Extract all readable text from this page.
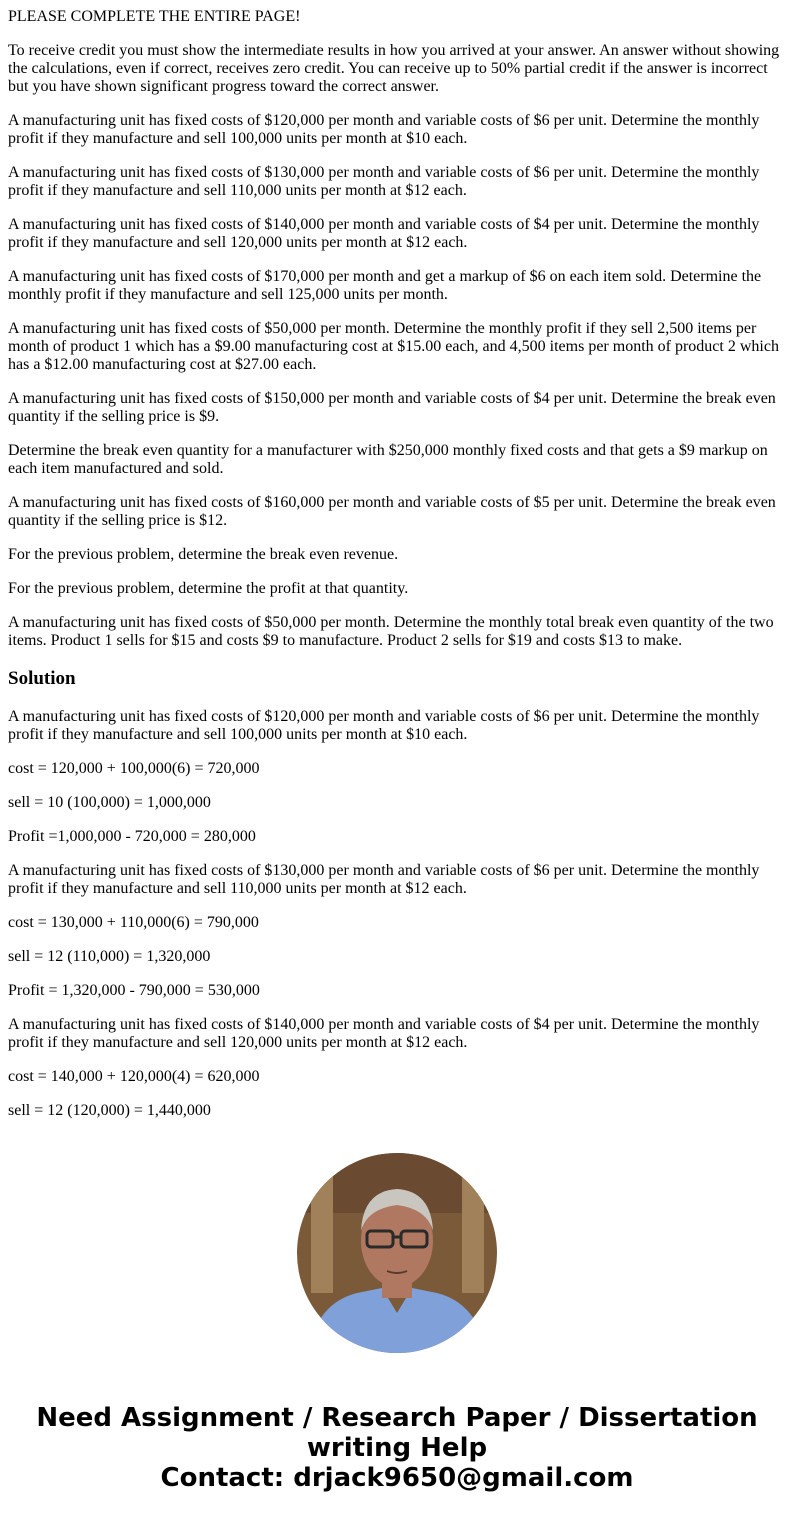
PLEASE COMPLETE THE ENTIRE PAGE!

To receive credit you must show the intermediate results in how you arrived at your answer. An answer without showing the calculations, even if correct, receives zero credit. You can receive up to 50% partial credit if the answer is incorrect but you have shown significant progress toward the correct answer.

A manufacturing unit has fixed costs of $120,000 per month and variable costs of $6 per unit. Determine the monthly profit if they manufacture and sell 100,000 units per month at $10 each.

A manufacturing unit has fixed costs of $130,000 per month and variable costs of $6 per unit. Determine the monthly profit if they manufacture and sell 110,000 units per month at $12 each.

A manufacturing unit has fixed costs of $140,000 per month and variable costs of $4 per unit. Determine the monthly profit if they manufacture and sell 120,000 units per month at $12 each.

A manufacturing unit has fixed costs of $170,000 per month and get a markup of $6 on each item sold. Determine the monthly profit if they manufacture and sell 125,000 units per month.

A manufacturing unit has fixed costs of $50,000 per month. Determine the monthly profit if they sell 2,500 items per month of product 1 which has a $9.00 manufacturing cost at $15.00 each, and 4,500 items per month of product 2 which has a $12.00 manufacturing cost at $27.00 each.

A manufacturing unit has fixed costs of $150,000 per month and variable costs of $4 per unit. Determine the break even quantity if the selling price is $9.

Determine the break even quantity for a manufacturer with $250,000 monthly fixed costs and that gets a $9 markup on each item manufactured and sold.

A manufacturing unit has fixed costs of $160,000 per month and variable costs of $5 per unit. Determine the break even quantity if the selling price is $12.

For the previous problem, determine the break even revenue.

For the previous problem, determine the profit at that quantity.

A manufacturing unit has fixed costs of $50,000 per month. Determine the monthly total break even quantity of the two items. Product 1 sells for $15 and costs $9 to manufacture. Product 2 sells for $19 and costs $13 to make.

Solution

A manufacturing unit has fixed costs of $120,000 per month and variable costs of $6 per unit. Determine the monthly profit if they manufacture and sell 100,000 units per month at $10 each.

cost = 120,000 + 100,000(6) = 720,000

sell = 10 (100,000) = 1,000,000

Profit =1,000,000 - 720,000 = 280,000

A manufacturing unit has fixed costs of $130,000 per month and variable costs of $6 per unit. Determine the monthly profit if they manufacture and sell 110,000 units per month at $12 each.

cost = 130,000 + 110,000(6) = 790,000

sell = 12 (110,000) = 1,320,000

Profit = 1,320,000 - 790,000 = 530,000

A manufacturing unit has fixed costs of $140,000 per month and variable costs of $4 per unit. Determine the monthly profit if they manufacture and sell 120,000 units per month at $12 each.

cost = 140,000 + 120,000(4) = 620,000

sell = 12 (120,000) = 1,440,000

Need Assignment / Research Paper / Dissertation
writing Help
Contact: drjack9650@gmail.com
